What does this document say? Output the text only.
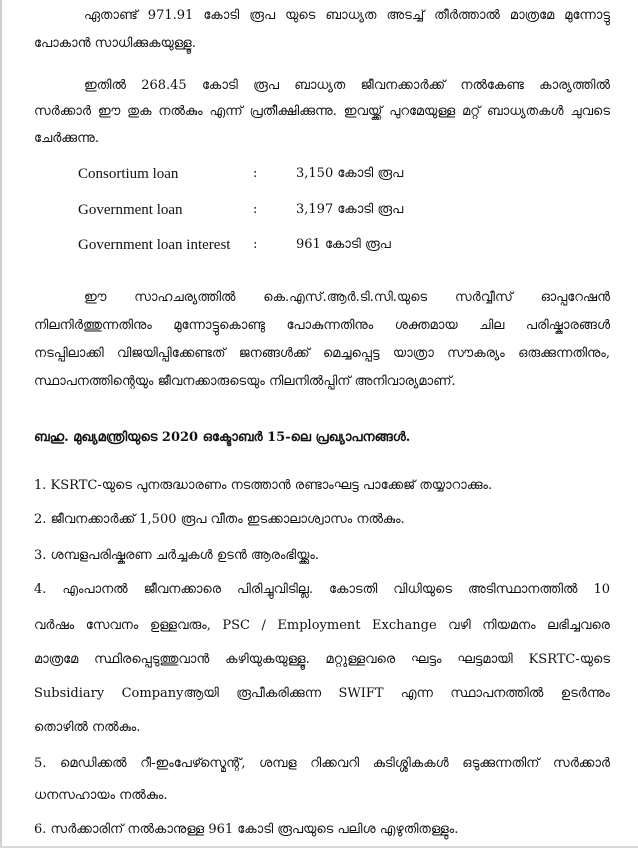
ഏതാണ്ട് 971.91 കോടി രൂപ യുടെ ബാധ്യത അടച്ച് തീർത്താൽ മാത്രമേ മുന്നോട്ടു
പോകാൻ സാധിക്കുകയുള്ളൂ.
ഇതിൽ 268.45 കോടി രൂപ ബാധ്യത ജീവനക്കാർക്ക് നൽകേണ്ട കാര്യത്തിൽ
സർക്കാർ ഈ തുക നൽകും എന്ന് പ്രതീക്ഷിക്കുന്നു. ഇവയ്ക്ക് പുറമേയുള്ള മറ്റ് ബാധ്യതകൾ ചുവടെ
ചേർക്കുന്നു.
Consortium loan	:	3,150 കോടി രൂപ
Government loan	:	3,197 കോടി രൂപ
Government loan interest :	961 കോടി രൂപ
ഈ സാഹചര്യത്തിൽ കെ.എസ്.ആർ.ടി.സി.യുടെ സർവ്വീസ് ഓപ്പറേഷൻ
നിലനിർത്തുന്നതിനും മുന്നോട്ടുകൊണ്ടു പോകുന്നതിനും ശക്തമായ ചില പരിഷ്കാരങ്ങൾ
നടപ്പിലാക്കി വിജയിപ്പിക്കേണ്ടത് ജനങ്ങൾക്ക് മെച്ചപ്പെട്ട യാത്രാ സൗകര്യം ഒരുക്കുന്നതിനും,
സ്ഥാപനത്തിന്റെയും ജീവനക്കാരുടെയും നിലനിൽപ്പിന് അനിവാര്യമാണ്.
ബഹു. മുഖ്യമന്ത്രിയുടെ 2020 ഒക്ടോബർ 15-ലെ പ്രഖ്യാപനങ്ങൾ.
1. KSRTC-യുടെ പുനരുദ്ധാരണം നടത്താൻ രണ്ടാംഘട്ട പാക്കേജ് തയ്യാറാക്കും.
2. ജീവനക്കാർക്ക് 1,500 രൂപ വീതം ഇടക്കാലാശ്വാസം നൽകും.
3. ശമ്പളപരിഷ്കരണ ചർച്ചകൾ ഉടൻ ആരംഭിയ്ക്കും.
4. എംപാനൽ ജീവനക്കാരെ പിരിച്ചുവിടില്ല. കോടതി വിധിയുടെ അടിസ്ഥാനത്തിൽ 10
വർഷം സേവനം ഉള്ളവരും, PSC / Employment Exchange വഴി നിയമനം ലഭിച്ചവരെ
മാത്രമേ സ്ഥിരപ്പെടുത്തുവാൻ കഴിയുകയുള്ളൂ. മറ്റുള്ളവരെ ഘട്ടം ഘട്ടമായി KSRTC-യുടെ
Subsidiary Companyആയി രൂപീകരിക്കുന്ന SWIFT എന്ന സ്ഥാപനത്തിൽ ഉടർന്നും
തൊഴിൽ നൽകും.
5. മെഡിക്കൽ റീ-ഇംപേഴ്സ്മെന്റ്, ശമ്പള റിക്കവറി കുടിശ്ശികകൾ ഒടുക്കുന്നതിന് സർക്കാർ
ധനസഹായം നൽകും.
6. സർക്കാരിന് നൽകാനുള്ള 961 കോടി രൂപയുടെ പലിശ എഴുതിതള്ളും.
